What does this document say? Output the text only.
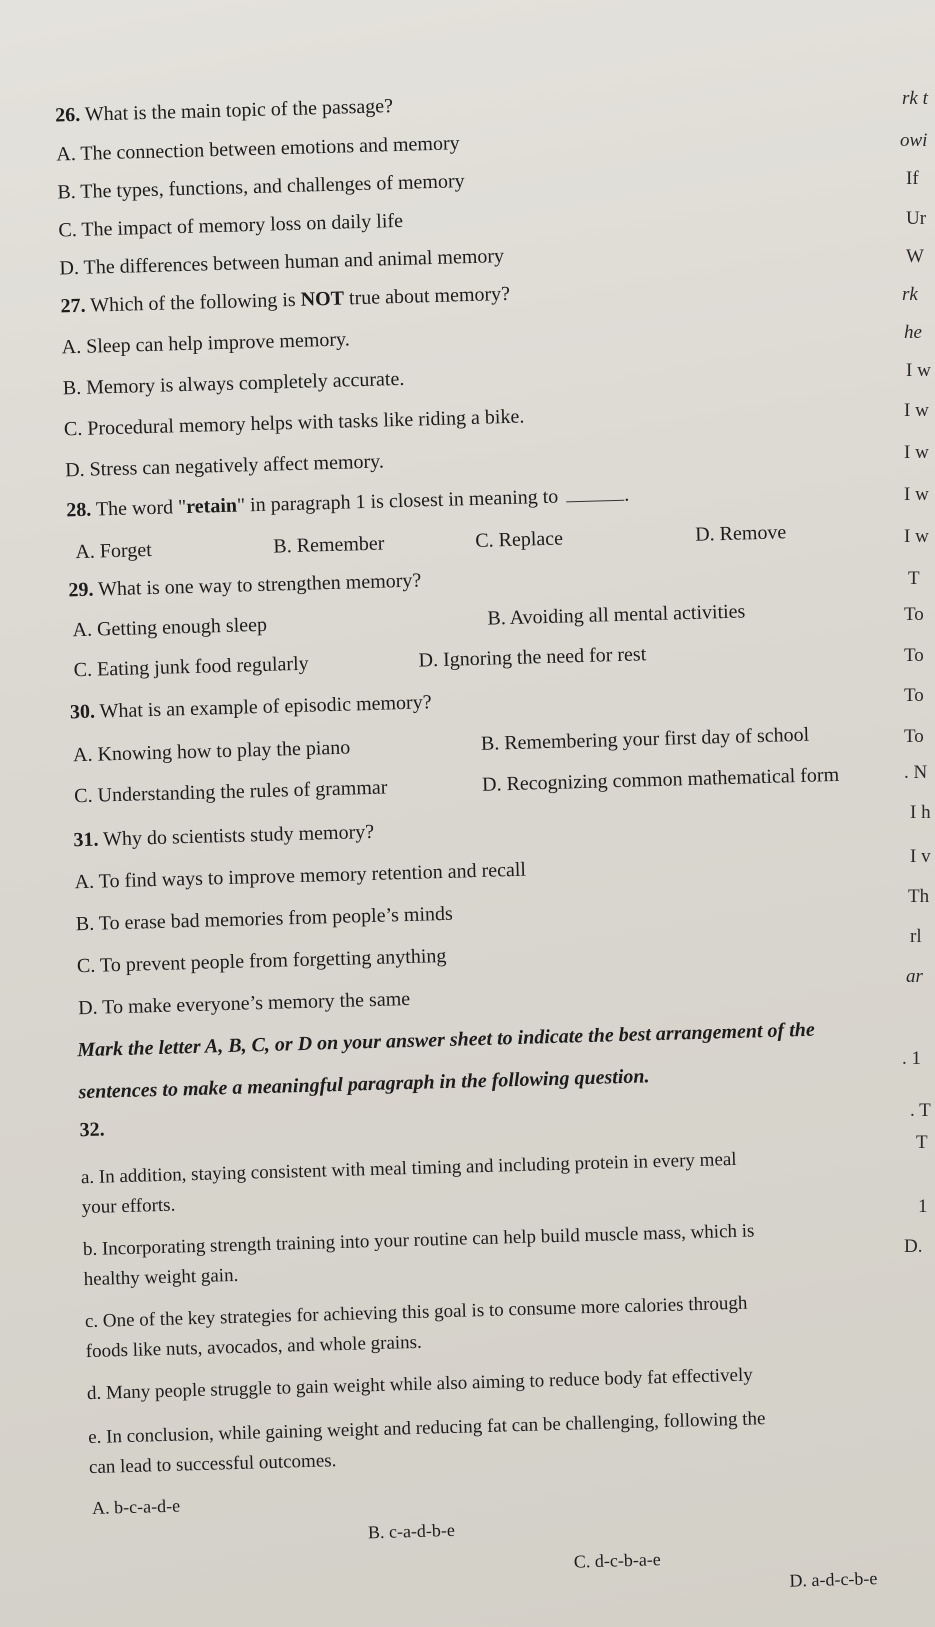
26. What is the main topic of the passage?
A. The connection between emotions and memory
B. The types, functions, and challenges of memory
C. The impact of memory loss on daily life
D. The differences between human and animal memory
27. Which of the following is NOT true about memory?
A. Sleep can help improve memory.
B. Memory is always completely accurate.
C. Procedural memory helps with tasks like riding a bike.
D. Stress can negatively affect memory.
28. The word "retain" in paragraph 1 is closest in meaning to	.
A. Forget	B. Remember	C. Replace	D. Remove
29. What is one way to strengthen memory?
A. Getting enough sleep	B. Avoiding all mental activities
C. Eating junk food regularly	D. Ignoring the need for rest
30. What is an example of episodic memory?
A. Knowing how to play the piano	B. Remembering your first day of school
C. Understanding the rules of grammar	D. Recognizing common mathematical form
31. Why do scientists study memory?
A. To find ways to improve memory retention and recall
B. To erase bad memories from people’s minds
C. To prevent people from forgetting anything
D. To make everyone’s memory the same
Mark the letter A, B, C, or D on your answer sheet to indicate the best arrangement of the
sentences to make a meaningful paragraph in the following question.
32.
a. In addition, staying consistent with meal timing and including protein in every meal
your efforts.
b. Incorporating strength training into your routine can help build muscle mass, which is
healthy weight gain.
c. One of the key strategies for achieving this goal is to consume more calories through
foods like nuts, avocados, and whole grains.
d. Many people struggle to gain weight while also aiming to reduce body fat effectively
e. In conclusion, while gaining weight and reducing fat can be challenging, following the
can lead to successful outcomes.
A. b-c-a-d-e
B. c-a-d-b-e
C. d-c-b-a-e
D. a-d-c-b-e
rk t
owi
If
Ur
W
rk
he
I w
I w
I w
I w
I w
T
To
To
To
To
. N
I h
I v
Th
rl
ar
. 1
. T
T
1
D.
